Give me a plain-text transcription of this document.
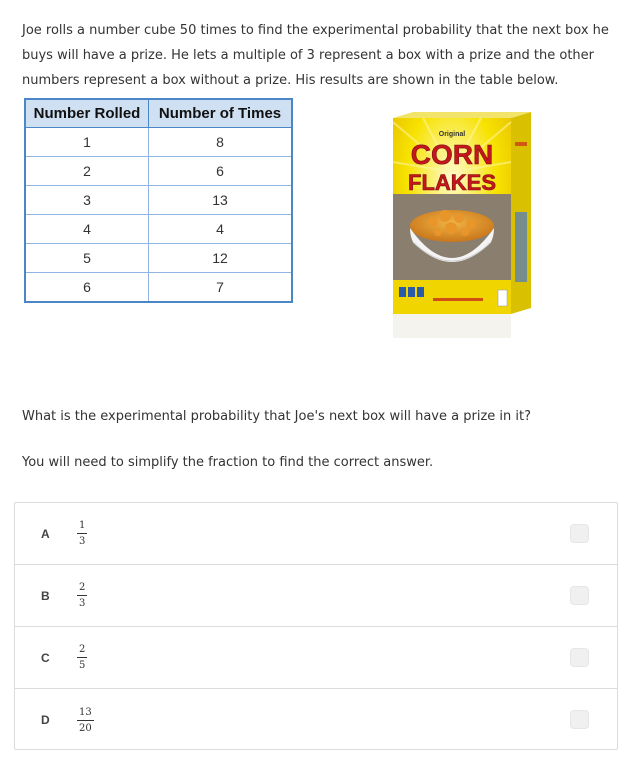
Joe rolls a number cube 50 times to find the experimental probability that the next box he buys will have a prize. He lets a multiple of 3 represent a box with a prize and the other numbers represent a box without a prize. His results are shown in the table below.

Number Rolled	Number of Times
1	8
2	6
3	13
4	4
5	12
6	7
Original
CORN
FLAKES

What is the experimental probability that Joe's next box will have a prize in it?

You will need to simplify the fraction to find the correct answer.

A
1
3
B
2
3
C
2
5
D
13
20
